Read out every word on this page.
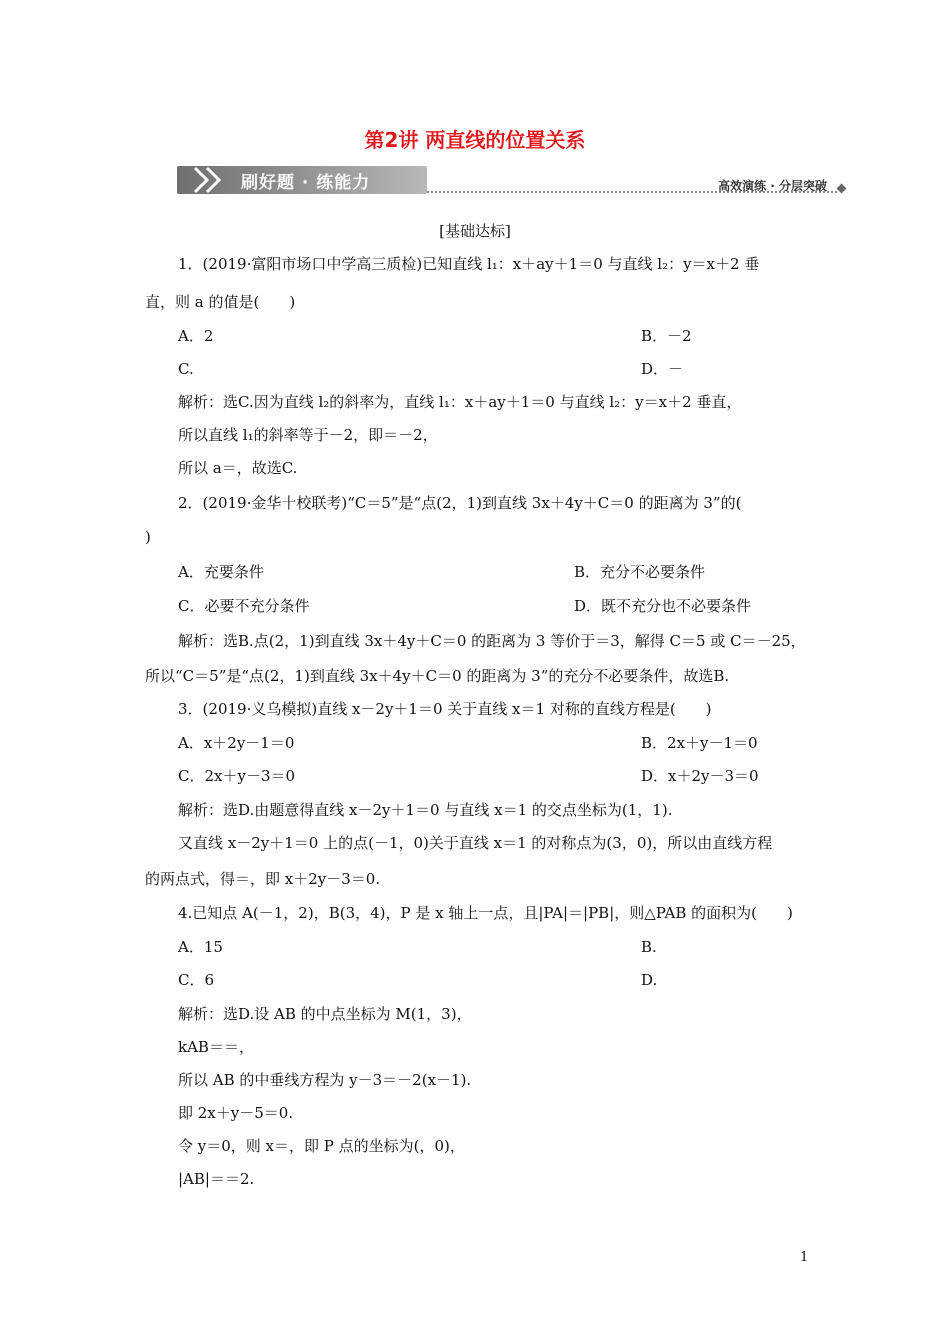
第2讲 两直线的位置关系
刷好题 · 练能力	高效演练 · 分层突破
[基础达标]
1．(2019·富阳市场口中学高三质检)已知直线 l₁：x＋ay＋1＝0 与直线 l₂：y＝x＋2 垂
直，则 a 的值是(　　)
A．2	B．－2
C.	D．－
解析：选C.因为直线 l₂的斜率为，直线 l₁：x＋ay＋1＝0 与直线 l₂：y＝x＋2 垂直，
所以直线 l₁的斜率等于－2，即＝－2，
所以 a＝，故选C.
2．(2019·金华十校联考)“C＝5”是“点(2，1)到直线 3x＋4y＋C＝0 的距离为 3”的(
)
A．充要条件	B．充分不必要条件
C．必要不充分条件	D．既不充分也不必要条件
解析：选B.点(2，1)到直线 3x＋4y＋C＝0 的距离为 3 等价于＝3，解得 C＝5 或 C＝－25，
所以“C＝5”是“点(2，1)到直线 3x＋4y＋C＝0 的距离为 3”的充分不必要条件，故选B.
3．(2019·义乌模拟)直线 x－2y＋1＝0 关于直线 x＝1 对称的直线方程是(　　)
A．x＋2y－1＝0	B．2x＋y－1＝0
C．2x＋y－3＝0	D．x＋2y－3＝0
解析：选D.由题意得直线 x－2y＋1＝0 与直线 x＝1 的交点坐标为(1，1).
又直线 x－2y＋1＝0 上的点(－1，0)关于直线 x＝1 的对称点为(3，0)，所以由直线方程
的两点式，得＝，即 x＋2y－3＝0.
4.已知点 A(－1，2)，B(3，4)，P 是 x 轴上一点，且|PA|＝|PB|，则△PAB 的面积为(　　)
A．15	B.
C．6	D.
解析：选D.设 AB 的中点坐标为 M(1，3)，
kAB＝＝，
所以 AB 的中垂线方程为 y－3＝－2(x－1).
即 2x＋y－5＝0.
令 y＝0，则 x＝，即 P 点的坐标为(，0)，
|AB|＝＝2.
1
